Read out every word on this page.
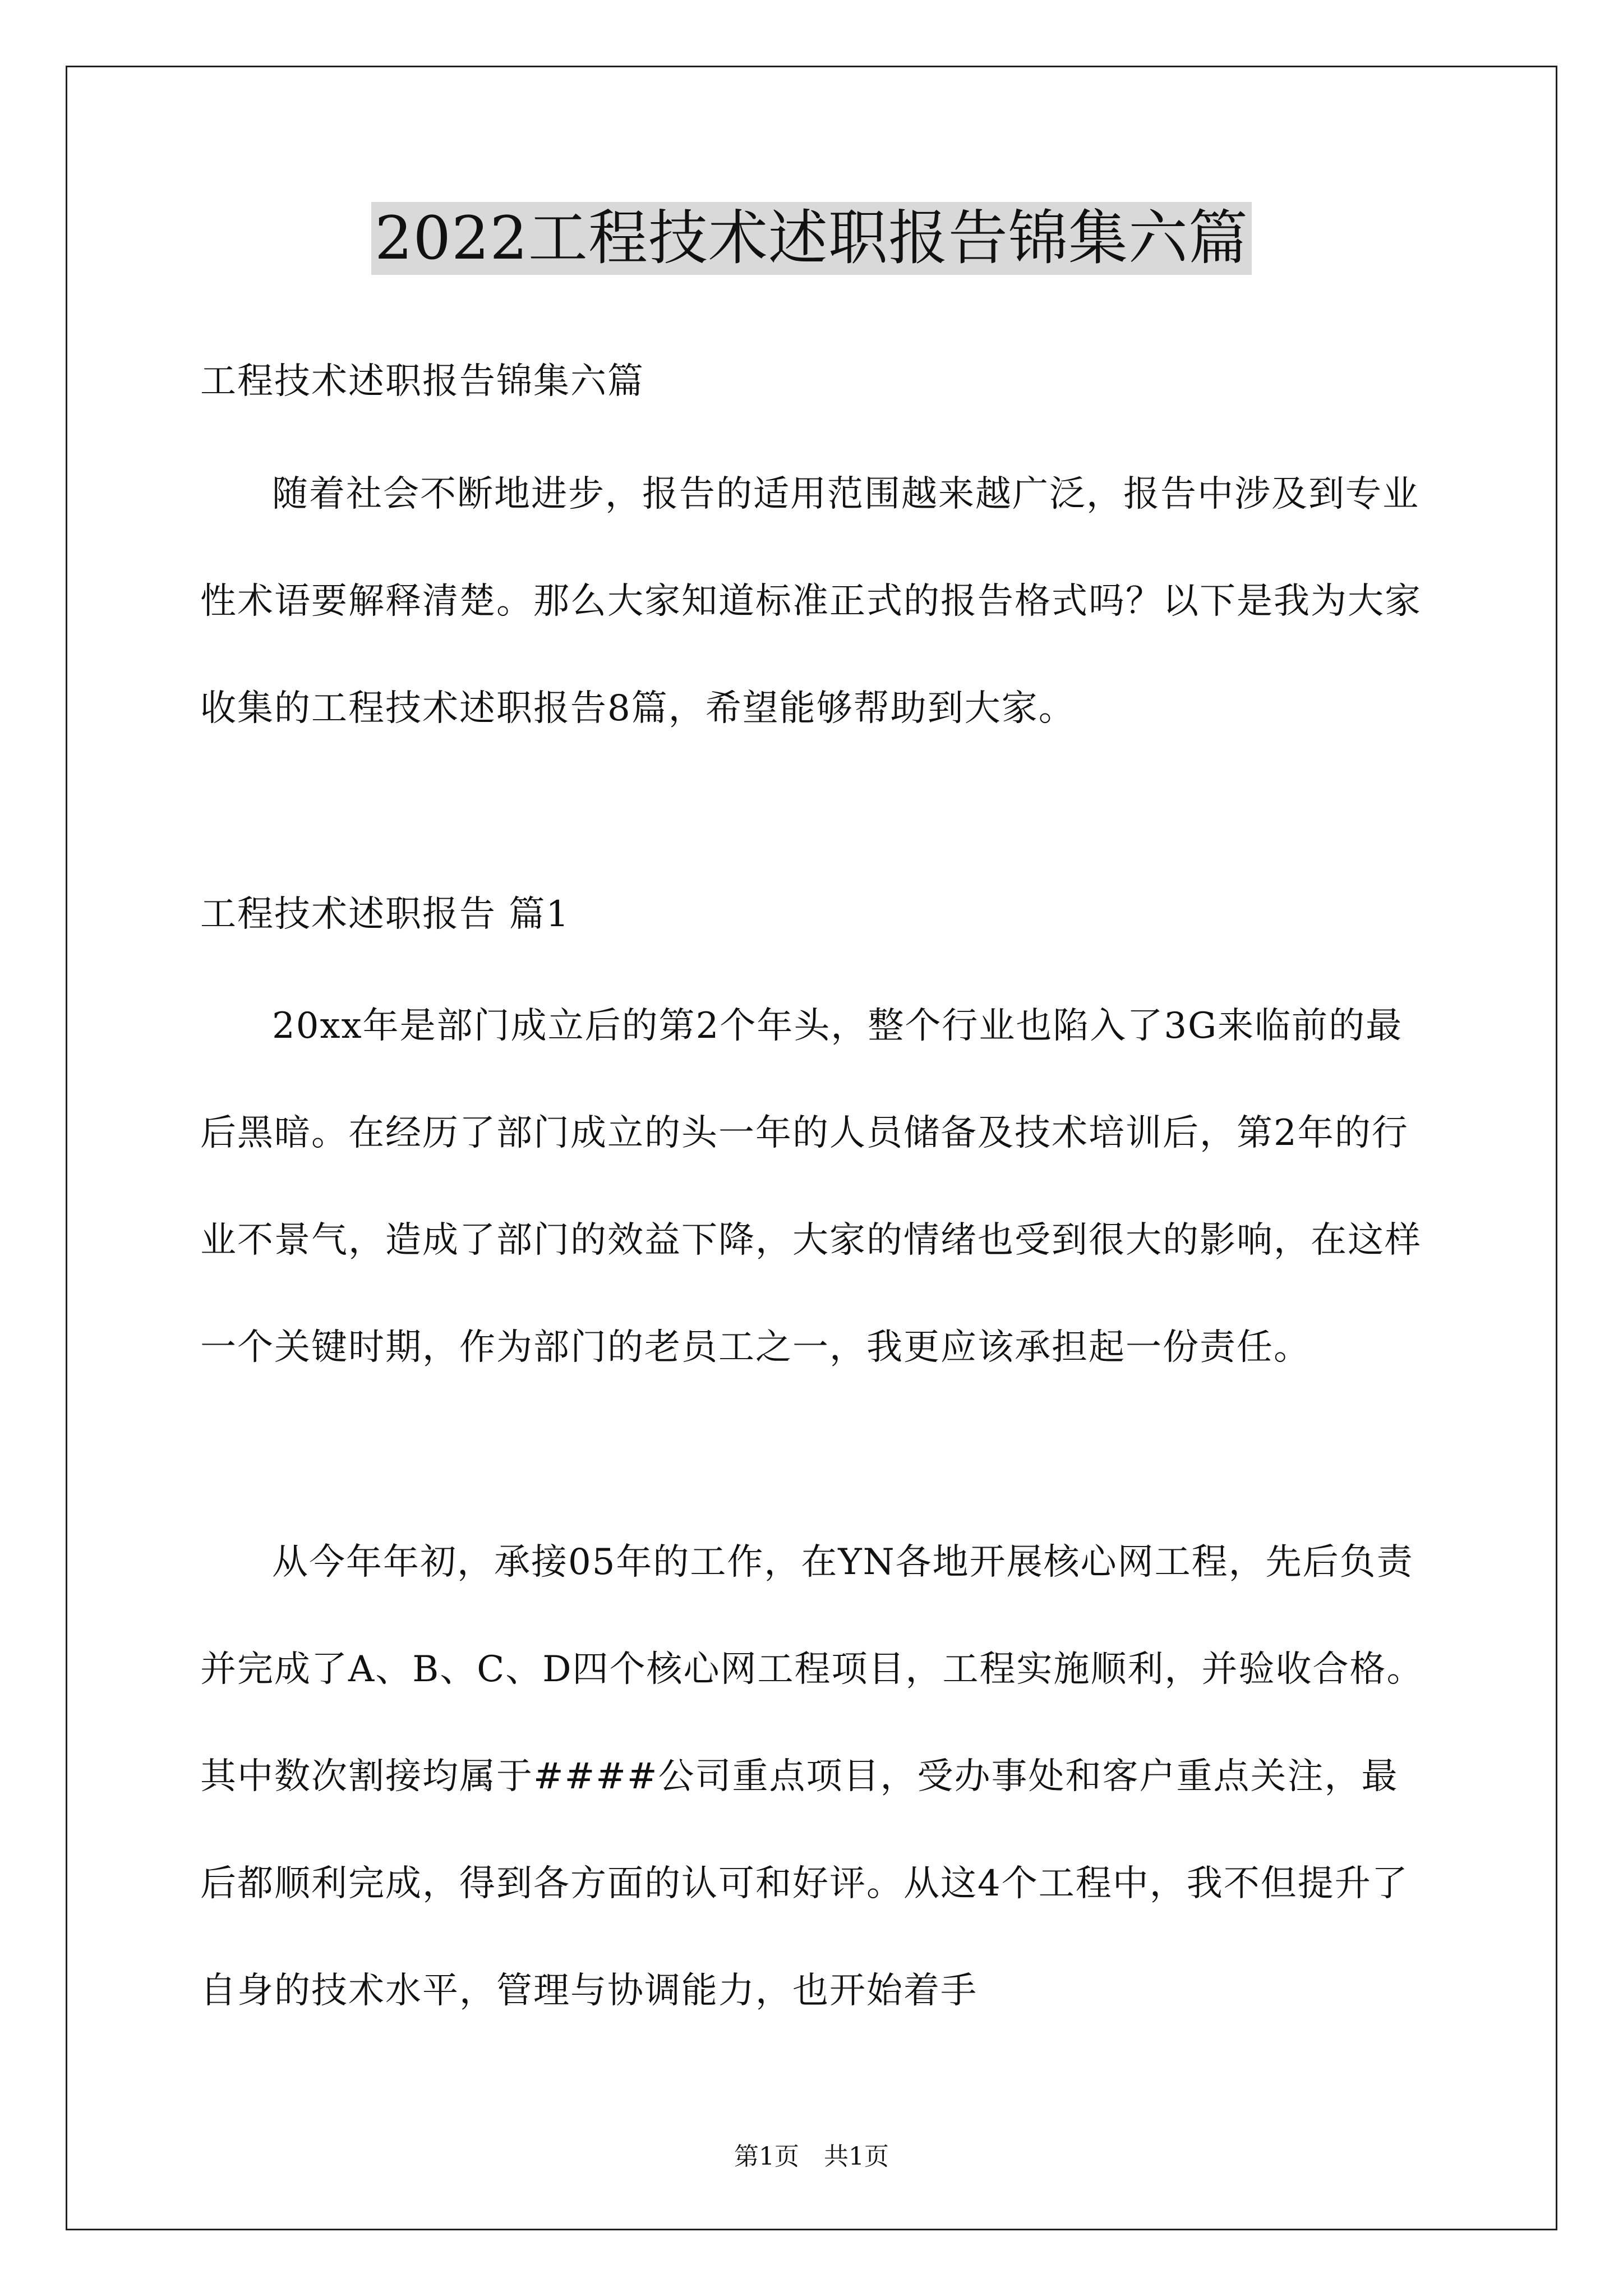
2022工程技术述职报告锦集六篇
工程技术述职报告锦集六篇
随着社会不断地进步，报告的适用范围越来越广泛，报告中涉及到专业性术语要解释清楚。那么大家知道标准正式的报告格式吗？以下是我为大家收集的工程技术述职报告8篇，希望能够帮助到大家。
工程技术述职报告 篇1
20xx年是部门成立后的第2个年头，整个行业也陷入了3G来临前的最后黑暗。在经历了部门成立的头一年的人员储备及技术培训后，第2年的行业不景气，造成了部门的效益下降，大家的情绪也受到很大的影响，在这样一个关键时期，作为部门的老员工之一，我更应该承担起一份责任。
从今年年初，承接05年的工作，在YN各地开展核心网工程，先后负责并完成了A、B、C、D四个核心网工程项目，工程实施顺利，并验收合格。其中数次割接均属于####公司重点项目，受办事处和客户重点关注，最后都顺利完成，得到各方面的认可和好评。从这4个工程中，我不但提升了自身的技术水平，管理与协调能力，也开始着手
第1页　共1页
